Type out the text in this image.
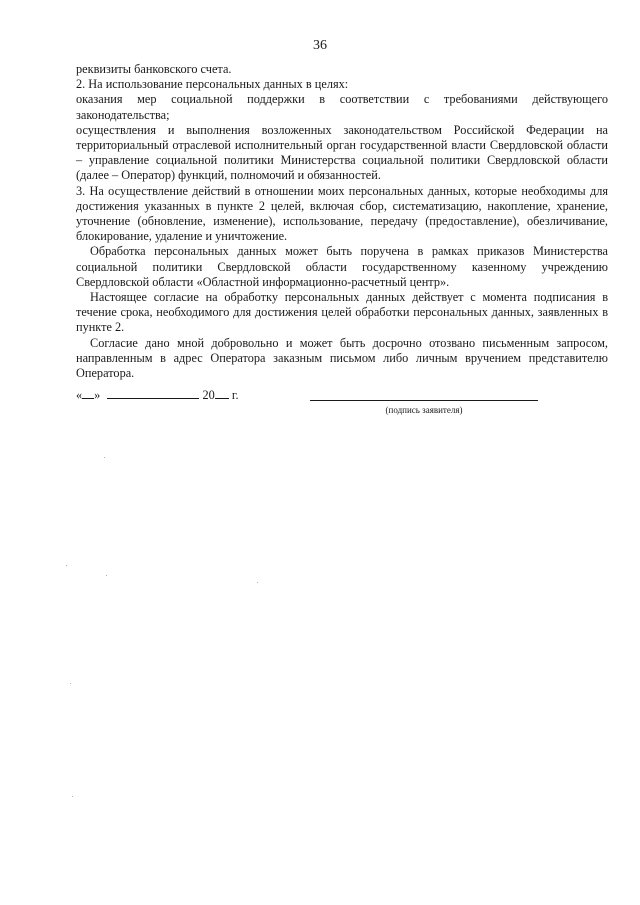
36

реквизиты банковского счета.

2. На использование персональных данных в целях:

оказания мер социальной поддержки в соответствии с требованиями действующего законодательства;

осуществления и выполнения возложенных законодательством Российской Федерации на территориальный отраслевой исполнительный орган государственной власти Свердловской области – управление социальной политики Министерства социальной политики Свердловской области (далее – Оператор) функций, полномочий и обязанностей.

3. На осуществление действий в отношении моих персональных данных, которые необходимы для достижения указанных в пункте 2 целей, включая сбор, систематизацию, накопление, хранение, уточнение (обновление, изменение), использование, передачу (предоставление), обезличивание, блокирование, удаление и уничтожение.

Обработка персональных данных может быть поручена в рамках приказов Министерства социальной политики Свердловской области государственному казенному учреждению Свердловской области «Областной информационно-расчетный центр».

Настоящее согласие на обработку персональных данных действует с момента подписания в течение срока, необходимого для достижения целей обработки персональных данных, заявленных в пункте 2.

Согласие дано мной добровольно и может быть досрочно отозвано письменным запросом, направленным в адрес Оператора заказным письмом либо личным вручением представителю Оператора.

« »	20 г.
(подпись заявителя)
